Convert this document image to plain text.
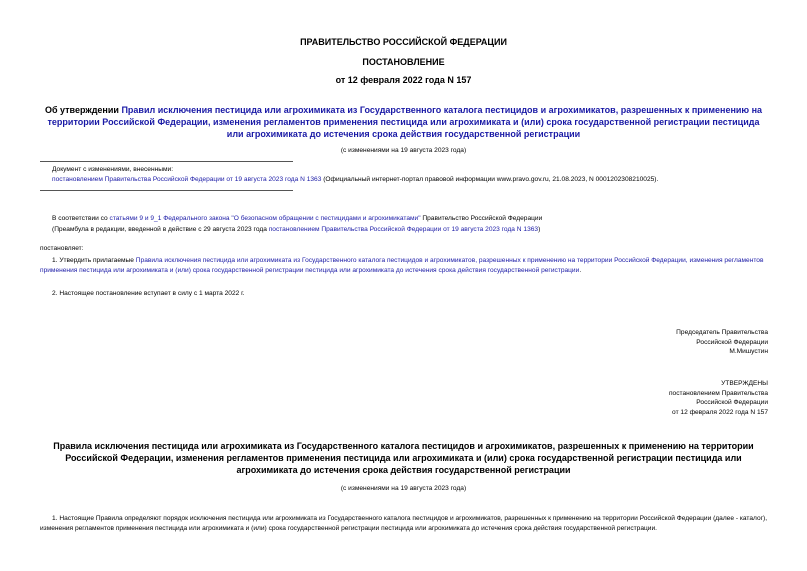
ПРАВИТЕЛЬСТВО РОССИЙСКОЙ ФЕДЕРАЦИИ
ПОСТАНОВЛЕНИЕ
от 12 февраля 2022 года N 157
Об утверждении Правил исключения пестицида или агрохимиката из Государственного каталога пестицидов и агрохимикатов, разрешенных к применению на территории Российской Федерации, изменения регламентов применения пестицида или агрохимиката и (или) срока государственной регистрации пестицида или агрохимиката до истечения срока действия государственной регистрации
(с изменениями на 19 августа 2023 года)
Документ с изменениями, внесенными:
постановлением Правительства Российской Федерации от 19 августа 2023 года N 1363 (Официальный интернет-портал правовой информации www.pravo.gov.ru, 21.08.2023, N 0001202308210025).
В соответствии со статьями 9 и 9_1 Федерального закона "О безопасном обращении с пестицидами и агрохимикатами" Правительство Российской Федерации
(Преамбула в редакции, введенной в действие с 29 августа 2023 года постановлением Правительства Российской Федерации от 19 августа 2023 года N 1363)
постановляет:
1. Утвердить прилагаемые Правила исключения пестицида или агрохимиката из Государственного каталога пестицидов и агрохимикатов, разрешенных к применению на территории Российской Федерации, изменения регламентов применения пестицида или агрохимиката и (или) срока государственной регистрации пестицида или агрохимиката до истечения срока действия государственной регистрации.
2. Настоящее постановление вступает в силу с 1 марта 2022 г.
Председатель Правительства
Российской Федерации
М.Мишустин
УТВЕРЖДЕНЫ
постановлением Правительства
Российской Федерации
от 12 февраля 2022 года N 157
Правила исключения пестицида или агрохимиката из Государственного каталога пестицидов и агрохимикатов, разрешенных к применению на территории Российской Федерации, изменения регламентов применения пестицида или агрохимиката и (или) срока государственной регистрации пестицида или агрохимиката до истечения срока действия государственной регистрации
(с изменениями на 19 августа 2023 года)
1. Настоящие Правила определяют порядок исключения пестицида или агрохимиката из Государственного каталога пестицидов и агрохимикатов, разрешенных к применению на территории Российской Федерации (далее - каталог), изменения регламентов применения пестицида или агрохимиката и (или) срока государственной регистрации пестицида или агрохимиката до истечения срока действия государственной регистрации.
